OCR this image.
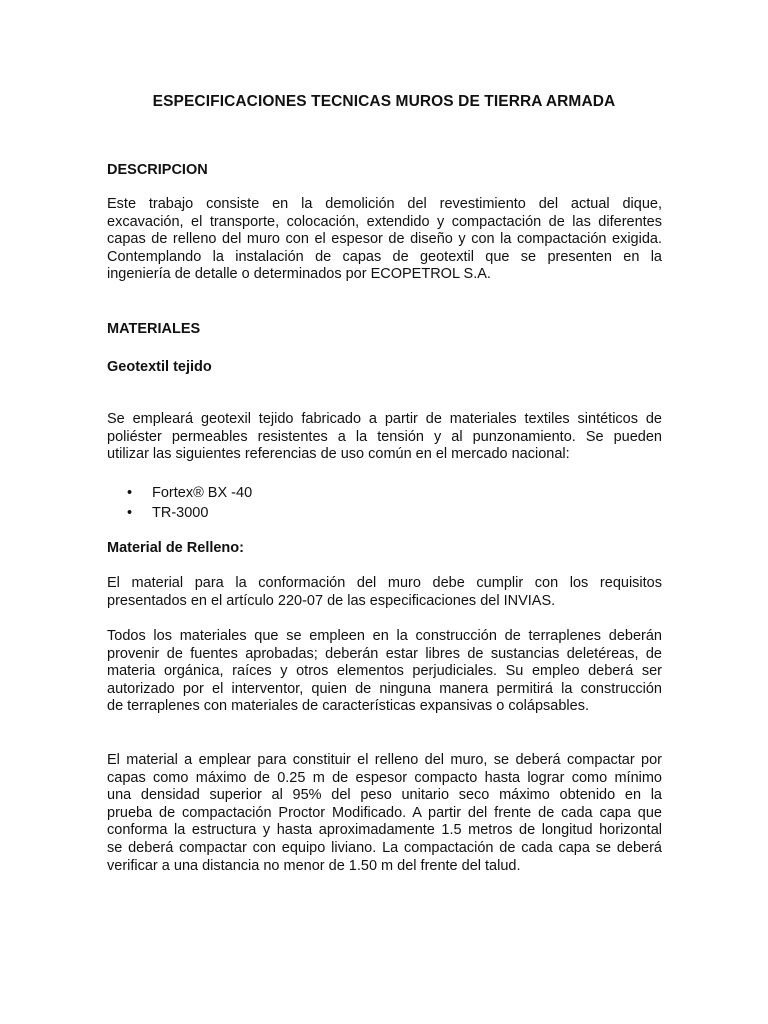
ESPECIFICACIONES TECNICAS MUROS DE TIERRA ARMADA
DESCRIPCION
Este trabajo consiste en la demolición del revestimiento del actual dique,
excavación, el transporte, colocación, extendido y compactación de las diferentes
capas de relleno del muro con el espesor de diseño y con la compactación exigida.
Contemplando la instalación de capas de geotextil que se presenten en la
ingeniería de detalle o determinados por ECOPETROL S.A.
MATERIALES
Geotextil tejido
Se empleará geotexil tejido fabricado a partir de materiales textiles sintéticos de
poliéster permeables resistentes a la tensión y al punzonamiento. Se pueden
utilizar las siguientes referencias de uso común en el mercado nacional:
• Fortex® BX -40
• TR-3000
Material de Relleno:
El material para la conformación del muro debe cumplir con los requisitos
presentados en el artículo 220-07 de las especificaciones del INVIAS.
Todos los materiales que se empleen en la construcción de terraplenes deberán
provenir de fuentes aprobadas; deberán estar libres de sustancias deletéreas, de
materia orgánica, raíces y otros elementos perjudiciales. Su empleo deberá ser
autorizado por el interventor, quien de ninguna manera permitirá la construcción
de terraplenes con materiales de características expansivas o colápsables.
El material a emplear para constituir el relleno del muro, se deberá compactar por
capas como máximo de 0.25 m de espesor compacto hasta lograr como mínimo
una densidad superior al 95% del peso unitario seco máximo obtenido en la
prueba de compactación Proctor Modificado. A partir del frente de cada capa que
conforma la estructura y hasta aproximadamente 1.5 metros de longitud horizontal
se deberá compactar con equipo liviano. La compactación de cada capa se deberá
verificar a una distancia no menor de 1.50 m del frente del talud.
